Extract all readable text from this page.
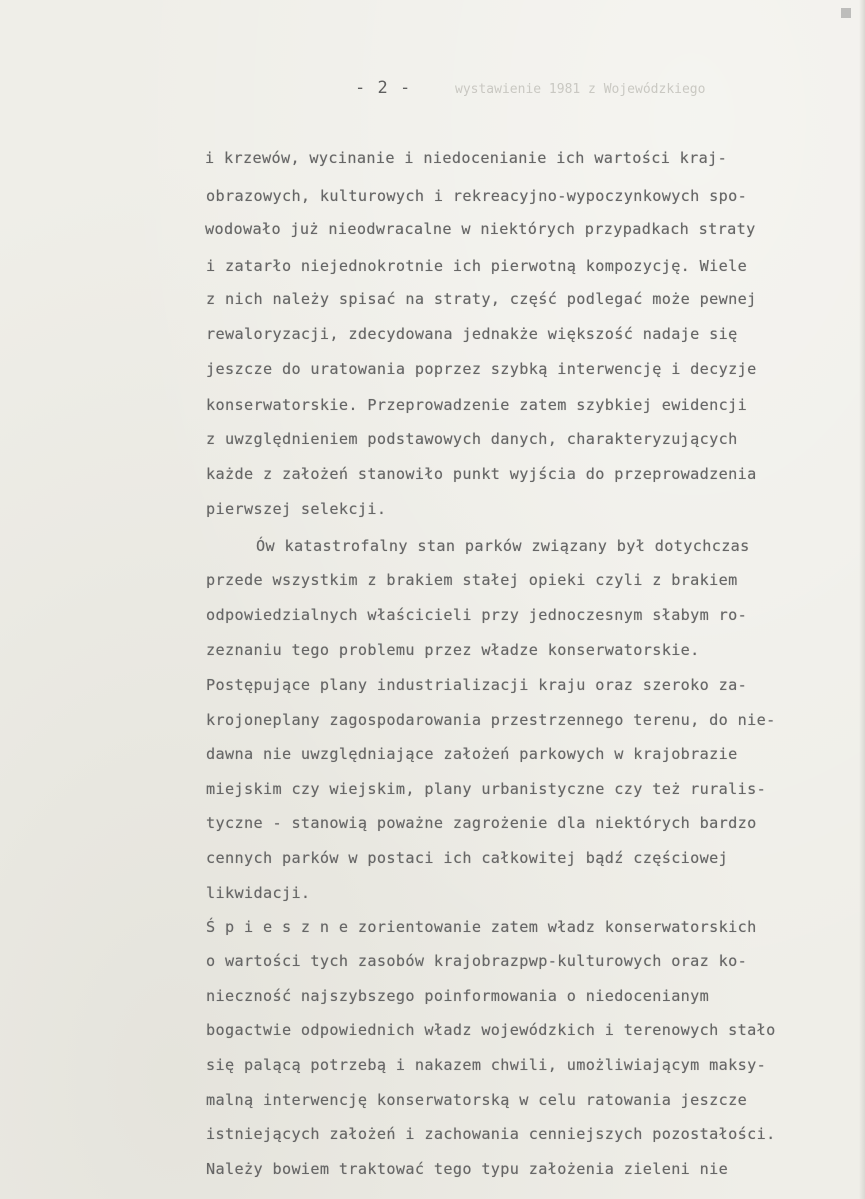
- 2 -	wystawienie 1981 z Wojewódzkiego
i krzewów, wycinanie i niedocenianie ich wartości kraj-
obrazowych, kulturowych i rekreacyjno-wypoczynkowych spo-
wodowało już nieodwracalne w niektórych przypadkach straty
i zatarło niejednokrotnie ich pierwotną kompozycję. Wiele
z nich należy spisać na straty, część podlegać może pewnej
rewaloryzacji, zdecydowana jednakże większość nadaje się
jeszcze do uratowania poprzez szybką interwencję i decyzje
konserwatorskie. Przeprowadzenie zatem szybkiej ewidencji
z uwzględnieniem podstawowych danych, charakteryzujących
każde z założeń stanowiło punkt wyjścia do przeprowadzenia
pierwszej selekcji.
Ów katastrofalny stan parków związany był dotychczas
przede wszystkim z brakiem stałej opieki czyli z brakiem
odpowiedzialnych właścicieli przy jednoczesnym słabym ro-
zeznaniu tego problemu przez władze konserwatorskie.
Postępujące plany industrializacji kraju oraz szeroko za-
krojoneplany zagospodarowania przestrzennego terenu, do nie-
dawna nie uwzględniające założeń parkowych w krajobrazie
miejskim czy wiejskim, plany urbanistyczne czy też ruralis-
tyczne - stanowią poważne zagrożenie dla niektórych bardzo
cennych parków w postaci ich całkowitej bądź częściowej
likwidacji.
Ś p i e s z n e zorientowanie zatem władz konserwatorskich
o wartości tych zasobów krajobrazpwp-kulturowych oraz ko-
nieczność najszybszego poinformowania o niedocenianym
bogactwie odpowiednich władz wojewódzkich i terenowych stało
się palącą potrzebą i nakazem chwili, umożliwiającym maksy-
malną interwencję konserwatorską w celu ratowania jeszcze
istniejących założeń i zachowania cenniejszych pozostałości.
Należy bowiem traktować tego typu założenia zieleni nie
